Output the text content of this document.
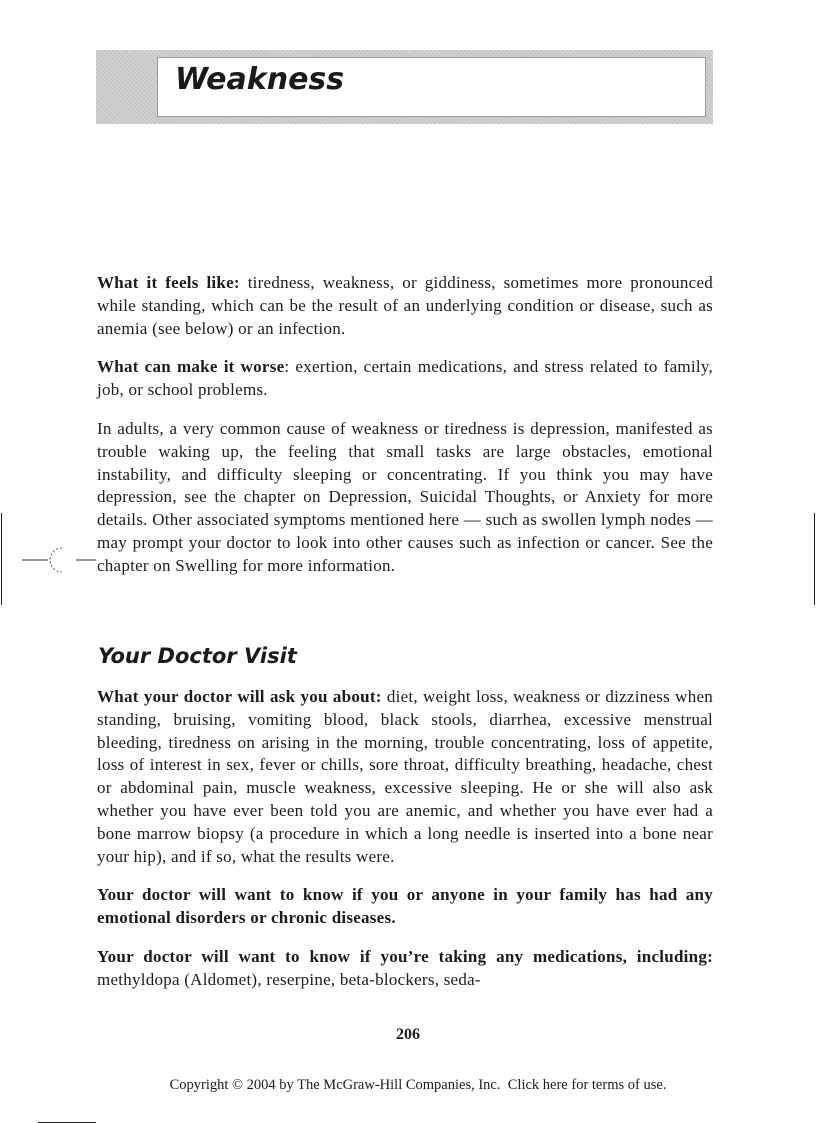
Weakness

What it feels like: tiredness, weakness, or giddiness, sometimes more pronounced while standing, which can be the result of an underlying condition or disease, such as anemia (see below) or an infection.

What can make it worse: exertion, certain medications, and stress related to family, job, or school problems.

In adults, a very common cause of weakness or tiredness is depression, manifested as trouble waking up, the feeling that small tasks are large obstacles, emotional instability, and difficulty sleeping or concentrating. If you think you may have depression, see the chapter on Depression, Suicidal Thoughts, or Anxiety for more details. Other associated symptoms mentioned here — such as swollen lymph nodes — may prompt your doctor to look into other causes such as infection or cancer. See the chapter on Swelling for more information.

Your Doctor Visit

What your doctor will ask you about: diet, weight loss, weakness or dizziness when standing, bruising, vomiting blood, black stools, diarrhea, excessive menstrual bleeding, tiredness on arising in the morning, trouble concentrating, loss of appetite, loss of interest in sex, fever or chills, sore throat, difficulty breathing, headache, chest or abdominal pain, muscle weakness, excessive sleeping. He or she will also ask whether you have ever been told you are anemic, and whether you have ever had a bone marrow biopsy (a procedure in which a long needle is inserted into a bone near your hip), and if so, what the results were.

Your doctor will want to know if you or anyone in your family has had any emotional disorders or chronic diseases.

Your doctor will want to know if you’re taking any medications, including: methyldopa (Aldomet), reserpine, beta-blockers, seda-

206
Copyright © 2004 by The McGraw-Hill Companies, Inc. Click here for terms of use.
